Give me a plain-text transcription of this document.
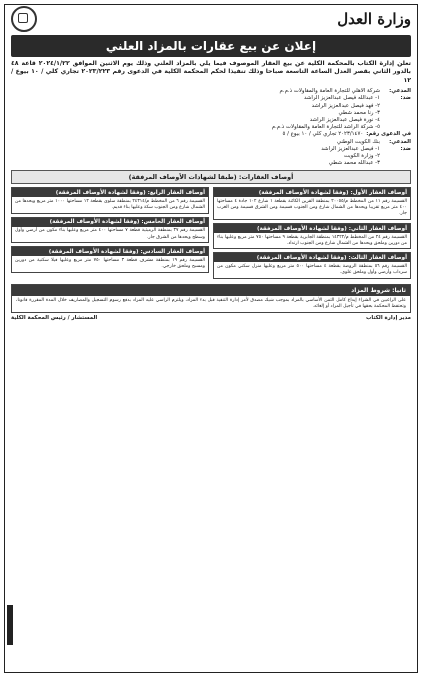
وزارة العدل
إعلان عن بيع عقارات بالمزاد العلني
تعلن إدارة الكتاب بالمحكمة الكلية عن بيع العقار الموصوف فيما يلي بالمزاد العلني وذلك يوم الاثنين الموافق ٢٠٢٤/١/٢٢ قاعة ٤٨ بالدور الثاني بقصر العدل الساعة التاسعة صباحا وذلك تنفيذا لحكم المحكمة الكلية في الدعوى رقم ٢٠٢٣/٢٢٣ تجاري كلي / ١٠ بيوع / ١٢
المدعي:
شركة الاهلي للتجارة العامة والمقاولات ذ.م.م
ضد:
١- عبدالله فيصل عبدالعزيز الراشد
٢- فهد فيصل عبدالعزيز الراشد
٣- رنا محمد شطي
٤- نورة فيصل عبدالعزيز الراشد
٥- شركة الراشد للتجارة العامة والمقاولات ذ.م.م
في الدعوى رقم:
٢٠٢٣/١٤٧٠ تجاري كلي / ١٠ بيوع / ٥
المدعي:
بنك الكويت الوطني
ضد:
١- فيصل عبدالعزيز الراشد
٢- وزارة الكويت
٣- عبدالله محمد شطي
أوصاف العقارات: (طبقا لشهادات الأوصاف المرفقة)
أوصاف العقار الأول: (وفقا لشهادة الأوصاف المرفقة)
القسيمة رقم ١١ من المخطط م/٢٠٠٥٥ بمنطقة القرين الكائنة بقطعة ١ شارع ١٠٢ جادة ٤ مساحتها ٤٠٠ متر مربع تقريبا ويحدها من الشمال شارع ومن الجنوب قسيمة ومن الشرق قسيمة ومن الغرب جار.
أوصاف العقار الثاني: (وفقا لشهادة الأوصاف المرفقة)
القسيمة رقم ٢٤ من المخطط م/١٤٣٢٢ بمنطقة الجابرية بقطعة ٩ مساحتها ٧٥٠ متر مربع وعليها بناء من دورين وملحق ويحدها من الشمال شارع ومن الجنوب ارتداد.
أوصاف العقار الثالث: (وفقا لشهادة الأوصاف المرفقة)
القسيمة رقم ٥٦ بمنطقة الروضة بقطعة ٤ مساحتها ٥٠٠ متر مربع وعليها منزل سكني مكون من سرداب وأرضي وأول وملحق علوي.
أوصاف العقار الرابع: (وفقا لشهادة الأوصاف المرفقة)
القسيمة رقم ٦ من المخطط م/٢٤٣١٤ بمنطقة سلوى بقطعة ١٢ مساحتها ١٠٠٠ متر مربع ويحدها من الشمال شارع ومن الجنوب سكة وعليها بناء قديم.
أوصاف العقار الخامس: (وفقا لشهادة الأوصاف المرفقة)
القسيمة رقم ٣٧ بمنطقة الرميثية قطعة ٧ مساحتها ٤٠٠ متر مربع وعليها بناء مكون من أرضي وأول وسطح ويحدها من الشرق جار.
أوصاف العقار السادس: (وفقا لشهادة الأوصاف المرفقة)
القسيمة رقم ١٩ بمنطقة مشرف قطعة ٣ مساحتها ٧٥٠ متر مربع وعليها فيلا سكنية من دورين ومسبح وملحق خارجي.
ثانيا: شروط المزاد
على الراغبين في الشراء إيداع كامل الثمن الأساسي بالمزاد بموجب شيك مصدق لأمر إدارة التنفيذ قبل بدء المزاد، ويلتزم الراسي عليه المزاد بدفع رسوم التسجيل والمصاريف خلال المدة المقررة قانونا، وتحتفظ المحكمة بحقها في تأجيل المزاد أو إلغائه.
مدير إدارة الكتاب
المستشار / رئيس المحكمة الكلية
